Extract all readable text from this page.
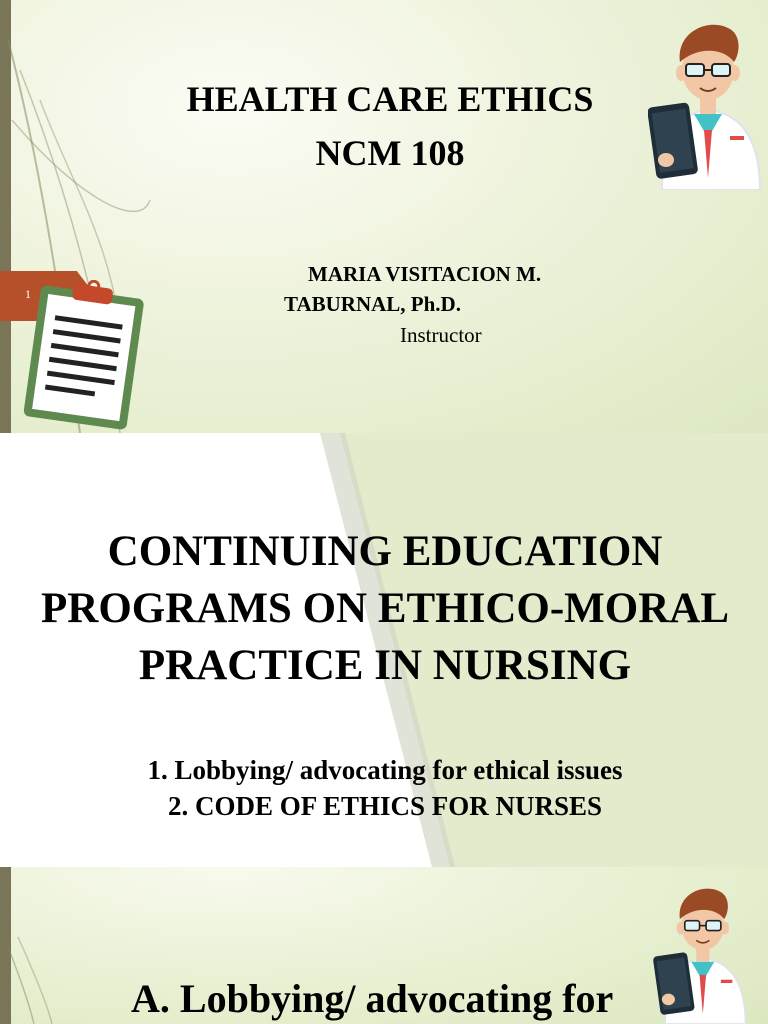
1
HEALTH CARE ETHICS
NCM 108
MARIA VISITACION M.
TABURNAL, Ph.D.
Instructor
CONTINUING EDUCATION PROGRAMS ON ETHICO-MORAL PRACTICE IN NURSING
1. Lobbying/ advocating for ethical issues
2. CODE OF ETHICS FOR NURSES
A. Lobbying/ advocating for
